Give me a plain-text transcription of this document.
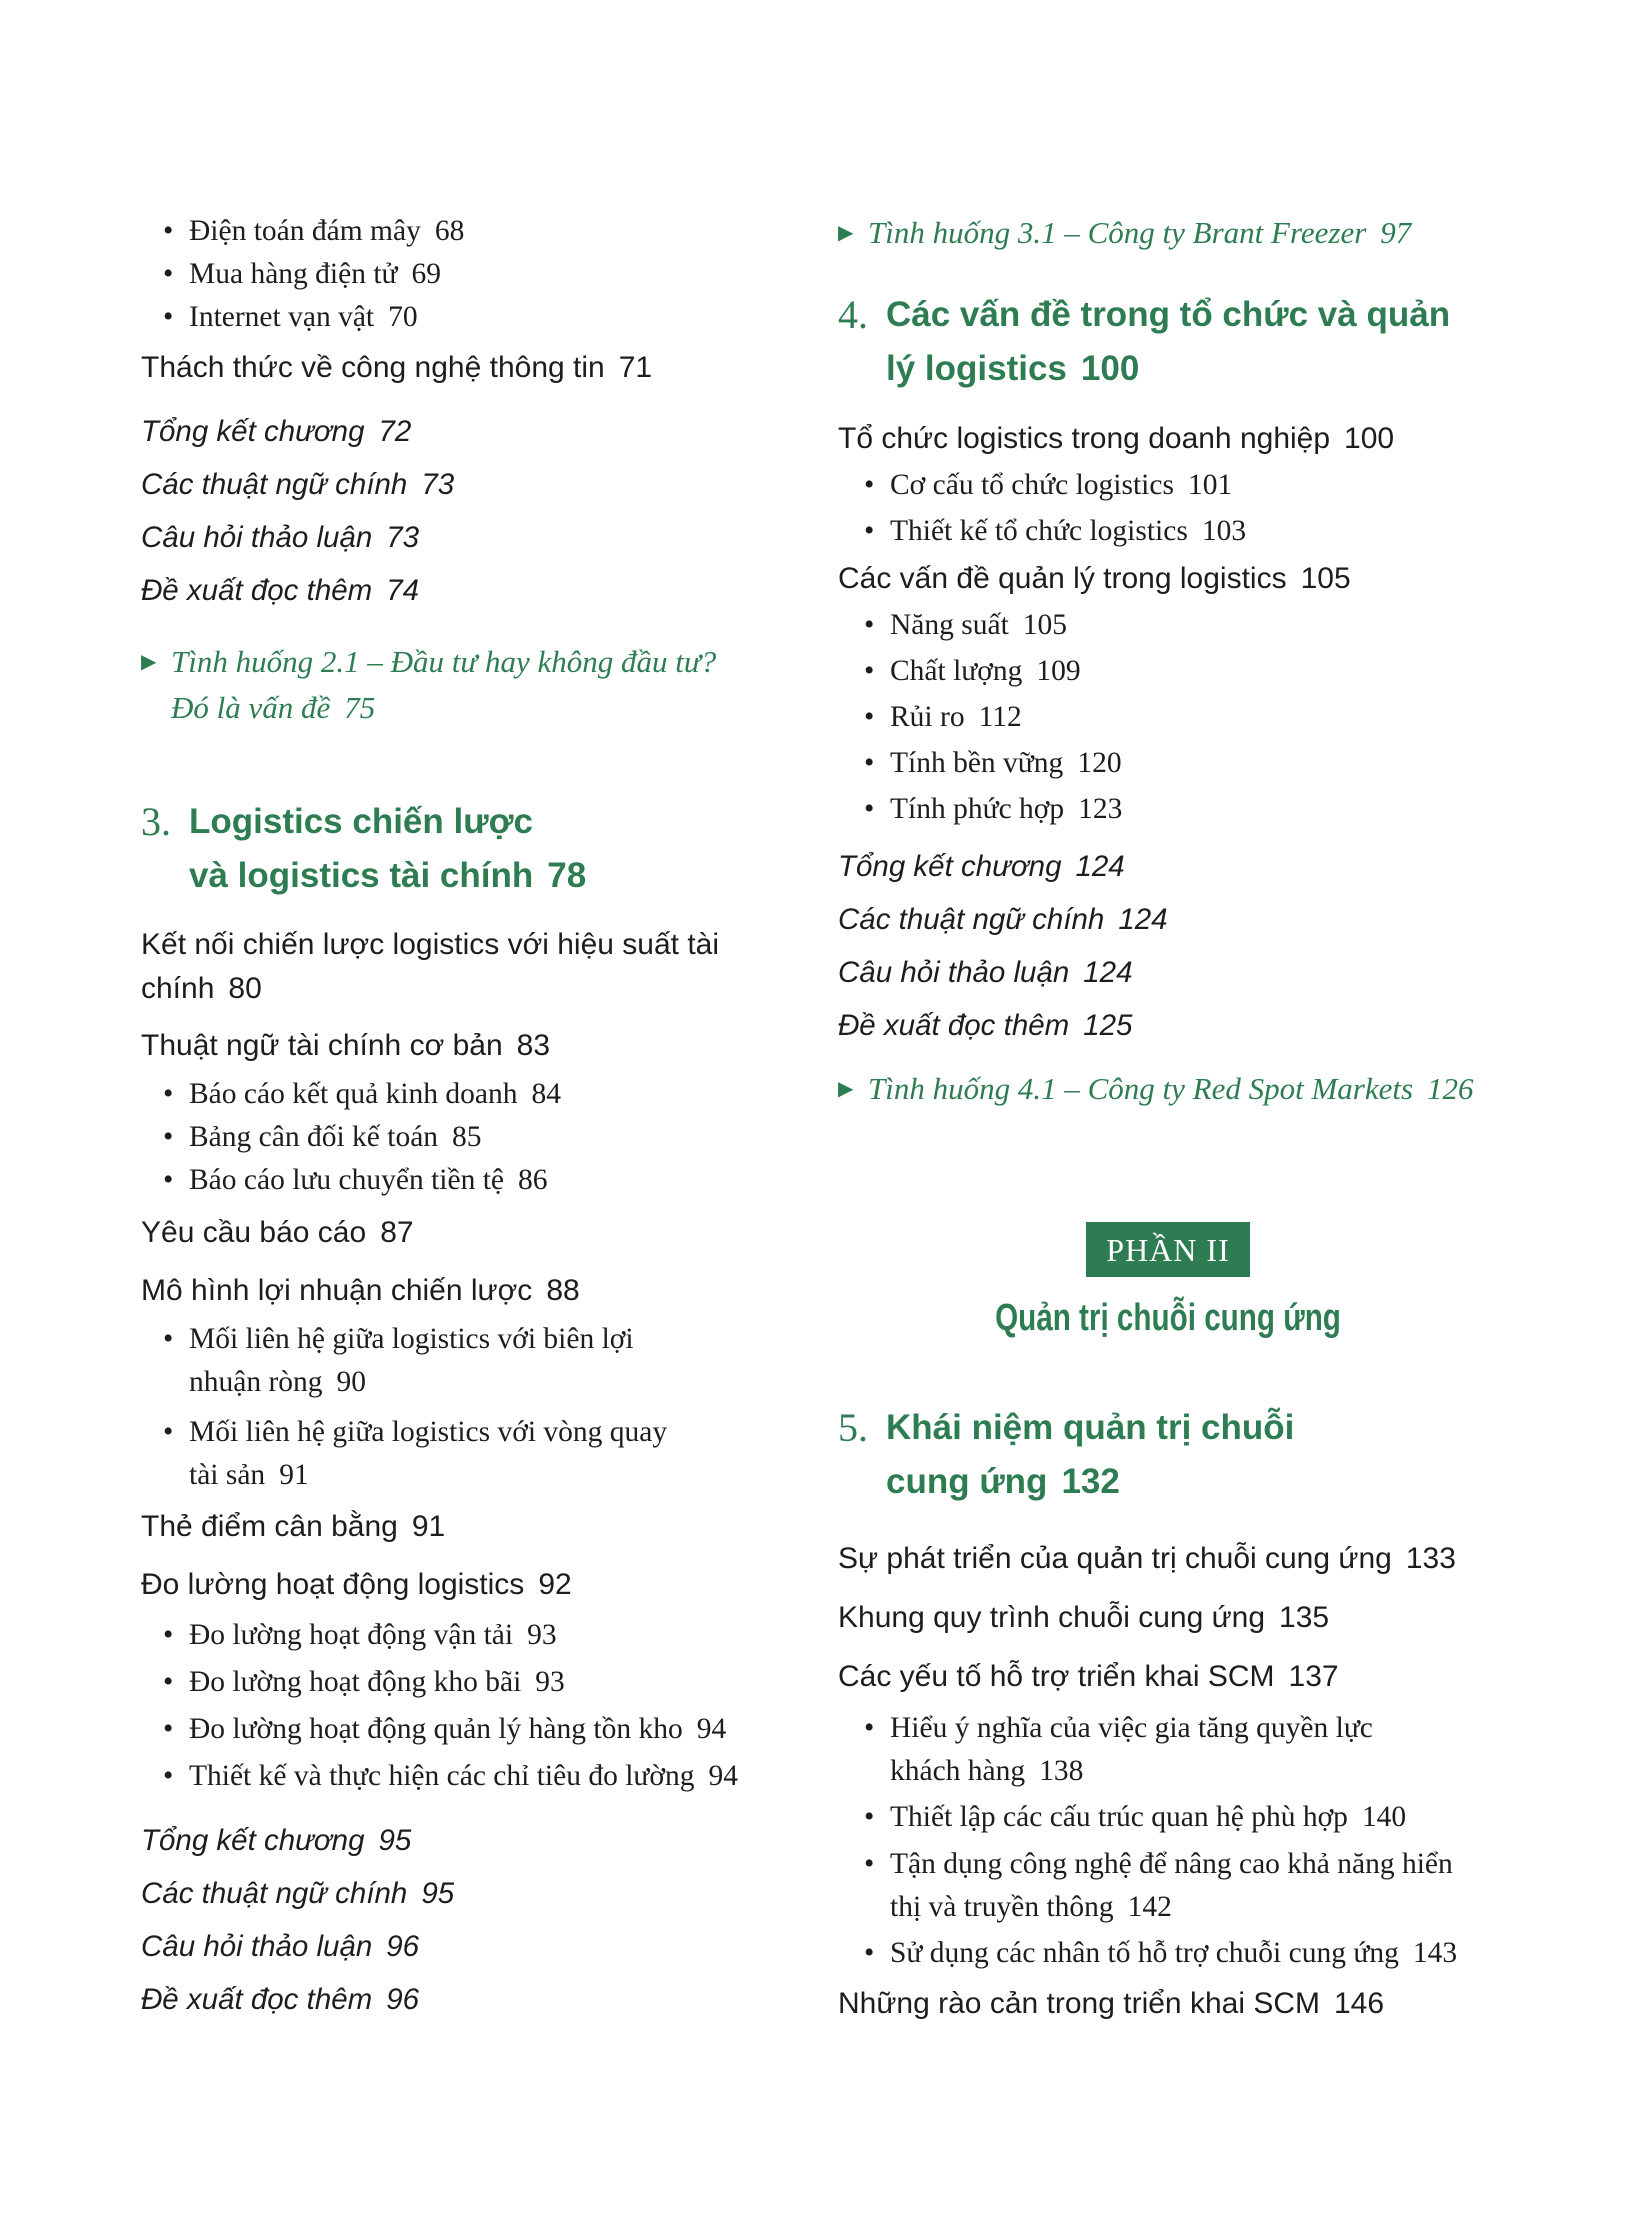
• Điện toán đám mây 68
• Mua hàng điện tử 69
• Internet vạn vật 70
Thách thức về công nghệ thông tin 71
Tổng kết chương 72
Các thuật ngữ chính 73
Câu hỏi thảo luận 73
Đề xuất đọc thêm 74
▶ Tình huống 2.1 – Đầu tư hay không đầu tư?
Đó là vấn đề 75
3. Logistics chiến lược
và logistics tài chính 78
Kết nối chiến lược logistics với hiệu suất tài
chính 80
Thuật ngữ tài chính cơ bản 83
• Báo cáo kết quả kinh doanh 84
• Bảng cân đối kế toán 85
• Báo cáo lưu chuyển tiền tệ 86
Yêu cầu báo cáo 87
Mô hình lợi nhuận chiến lược 88
• Mối liên hệ giữa logistics với biên lợi
nhuận ròng 90
• Mối liên hệ giữa logistics với vòng quay
tài sản 91
Thẻ điểm cân bằng 91
Đo lường hoạt động logistics 92
• Đo lường hoạt động vận tải 93
• Đo lường hoạt động kho bãi 93
• Đo lường hoạt động quản lý hàng tồn kho 94
• Thiết kế và thực hiện các chỉ tiêu đo lường 94
Tổng kết chương 95
Các thuật ngữ chính 95
Câu hỏi thảo luận 96
Đề xuất đọc thêm 96
▶ Tình huống 3.1 – Công ty Brant Freezer 97
4. Các vấn đề trong tổ chức và quản
lý logistics 100
Tổ chức logistics trong doanh nghiệp 100
• Cơ cấu tổ chức logistics 101
• Thiết kế tổ chức logistics 103
Các vấn đề quản lý trong logistics 105
• Năng suất 105
• Chất lượng 109
• Rủi ro 112
• Tính bền vững 120
• Tính phức hợp 123
Tổng kết chương 124
Các thuật ngữ chính 124
Câu hỏi thảo luận 124
Đề xuất đọc thêm 125
▶ Tình huống 4.1 – Công ty Red Spot Markets 126
PHẦN II
Quản trị chuỗi cung ứng
5. Khái niệm quản trị chuỗi
cung ứng 132
Sự phát triển của quản trị chuỗi cung ứng 133
Khung quy trình chuỗi cung ứng 135
Các yếu tố hỗ trợ triển khai SCM 137
• Hiểu ý nghĩa của việc gia tăng quyền lực
khách hàng 138
• Thiết lập các cấu trúc quan hệ phù hợp 140
• Tận dụng công nghệ để nâng cao khả năng hiển
thị và truyền thông 142
• Sử dụng các nhân tố hỗ trợ chuỗi cung ứng 143
Những rào cản trong triển khai SCM 146
